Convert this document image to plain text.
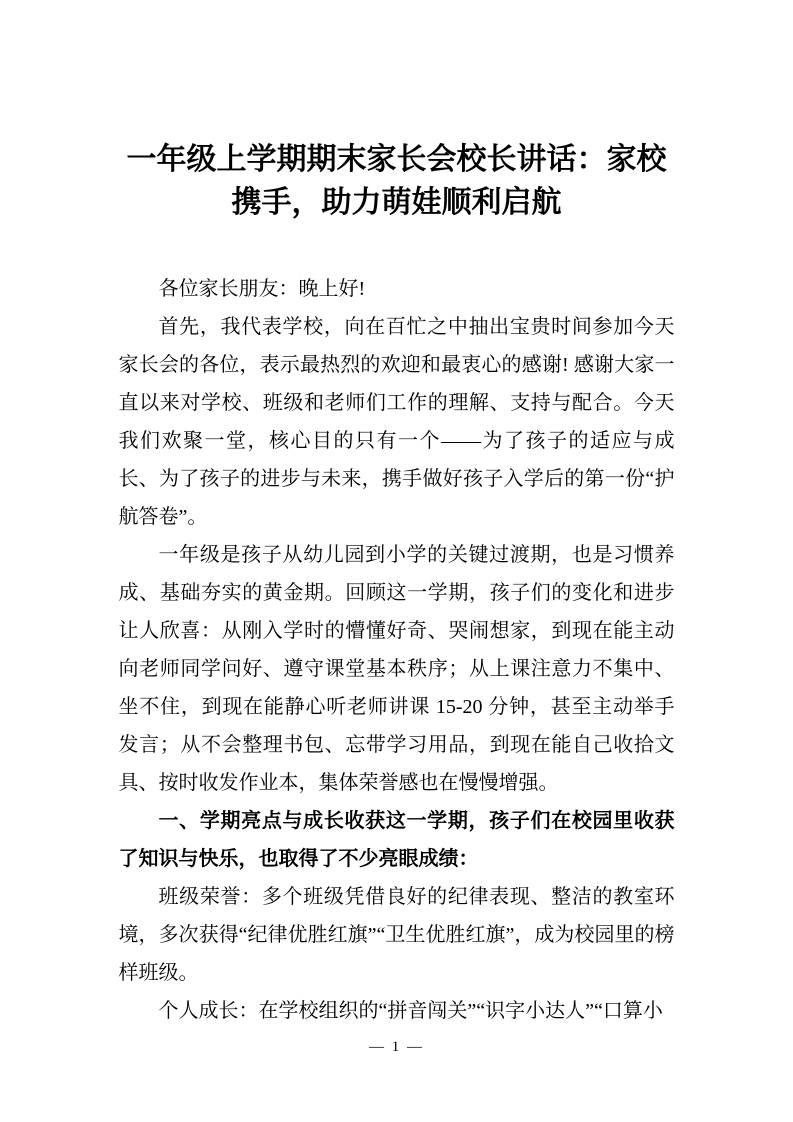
一年级上学期期末家长会校长讲话：家校携手，助力萌娃顺利启航

各位家长朋友：晚上好!

首先，我代表学校，向在百忙之中抽出宝贵时间参加今天家长会的各位，表示最热烈的欢迎和最衷心的感谢! 感谢大家一直以来对学校、班级和老师们工作的理解、支持与配合。今天我们欢聚一堂，核心目的只有一个——为了孩子的适应与成长、为了孩子的进步与未来，携手做好孩子入学后的第一份“护航答卷”。

一年级是孩子从幼儿园到小学的关键过渡期，也是习惯养成、基础夯实的黄金期。回顾这一学期，孩子们的变化和进步让人欣喜：从刚入学时的懵懂好奇、哭闹想家，到现在能主动向老师同学问好、遵守课堂基本秩序；从上课注意力不集中、坐不住，到现在能静心听老师讲课 15-20 分钟，甚至主动举手发言；从不会整理书包、忘带学习用品，到现在能自己收拾文具、按时收发作业本，集体荣誉感也在慢慢增强。

一、学期亮点与成长收获这一学期，孩子们在校园里收获了知识与快乐，也取得了不少亮眼成绩：

班级荣誉：多个班级凭借良好的纪律表现、整洁的教室环境，多次获得“纪律优胜红旗”“卫生优胜红旗”，成为校园里的榜样班级。

个人成长：在学校组织的“拼音闯关”“识字小达人”“口算小

— 1 —
